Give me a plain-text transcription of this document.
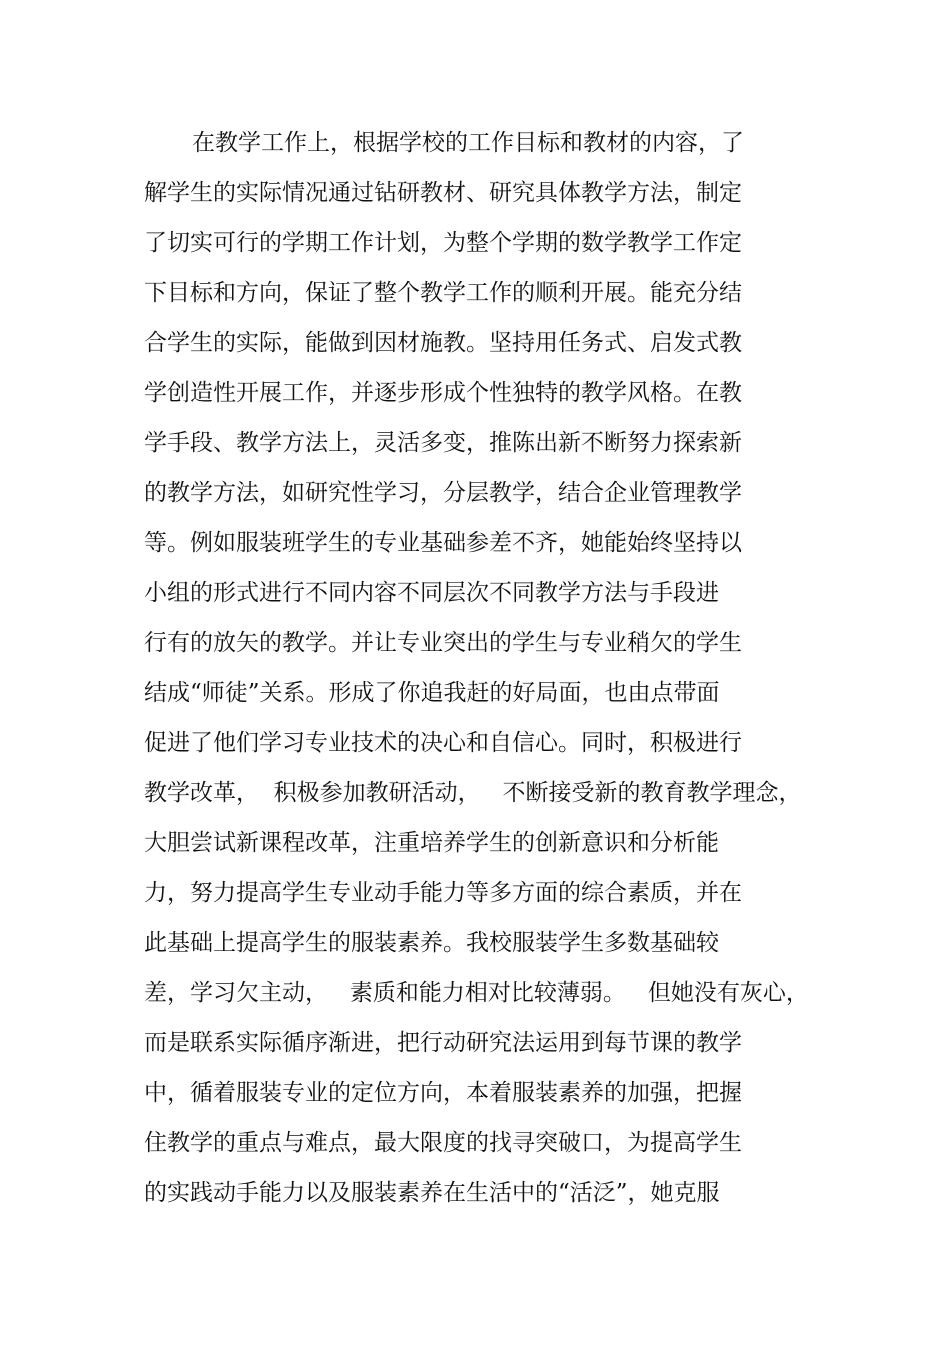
在教学工作上，根据学校的工作目标和教材的内容，了
解学生的实际情况通过钻研教材、研究具体教学方法，制定
了切实可行的学期工作计划，为整个学期的数学教学工作定
下目标和方向，保证了整个教学工作的顺利开展。能充分结
合学生的实际，能做到因材施教。坚持用任务式、启发式教
学创造性开展工作，并逐步形成个性独特的教学风格。在教
学手段、教学方法上，灵活多变，推陈出新不断努力探索新
的教学方法，如研究性学习，分层教学，结合企业管理教学
等。例如服装班学生的专业基础参差不齐，她能始终坚持以
小组的形式进行不同内容不同层次不同教学方法与手段进
行有的放矢的教学。并让专业突出的学生与专业稍欠的学生
结成“师徒”关系。形成了你追我赶的好局面，也由点带面
促进了他们学习专业技术的决心和自信心。同时，积极进行
教学改革，  积极参加教研活动，   不断接受新的教育教学理念，
大胆尝试新课程改革，注重培养学生的创新意识和分析能
力，努力提高学生专业动手能力等多方面的综合素质，并在
此基础上提高学生的服装素养。我校服装学生多数基础较
差，学习欠主动，   素质和能力相对比较薄弱。   但她没有灰心，
而是联系实际循序渐进，把行动研究法运用到每节课的教学
中，循着服装专业的定位方向，本着服装素养的加强，把握
住教学的重点与难点，最大限度的找寻突破口，为提高学生
的实践动手能力以及服装素养在生活中的“活泛”，她克服
